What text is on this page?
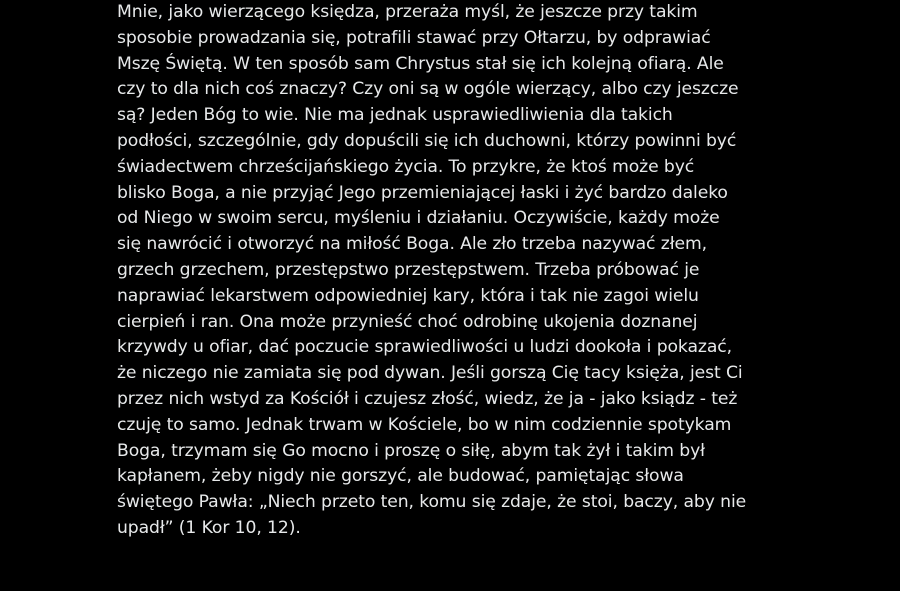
Mnie, jako wierzącego księdza, przeraża myśl, że jeszcze przy takim
sposobie prowadzania się, potrafili stawać przy Ołtarzu, by odprawiać
Mszę Świętą. W ten sposób sam Chrystus stał się ich kolejną ofiarą. Ale
czy to dla nich coś znaczy? Czy oni są w ogóle wierzący, albo czy jeszcze
są? Jeden Bóg to wie. Nie ma jednak usprawiedliwienia dla takich
podłości, szczególnie, gdy dopuścili się ich duchowni, którzy powinni być
świadectwem chrześcijańskiego życia. To przykre, że ktoś może być
blisko Boga, a nie przyjąć Jego przemieniającej łaski i żyć bardzo daleko
od Niego w swoim sercu, myśleniu i działaniu. Oczywiście, każdy może
się nawrócić i otworzyć na miłość Boga. Ale zło trzeba nazywać złem,
grzech grzechem, przestępstwo przestępstwem. Trzeba próbować je
naprawiać lekarstwem odpowiedniej kary, która i tak nie zagoi wielu
cierpień i ran. Ona może przynieść choć odrobinę ukojenia doznanej
krzywdy u ofiar, dać poczucie sprawiedliwości u ludzi dookoła i pokazać,
że niczego nie zamiata się pod dywan. Jeśli gorszą Cię tacy księża, jest Ci
przez nich wstyd za Kościół i czujesz złość, wiedz, że ja - jako ksiądz - też
czuję to samo. Jednak trwam w Kościele, bo w nim codziennie spotykam
Boga, trzymam się Go mocno i proszę o siłę, abym tak żył i takim był
kapłanem, żeby nigdy nie gorszyć, ale budować, pamiętając słowa
świętego Pawła: „Niech przeto ten, komu się zdaje, że stoi, baczy, aby nie
upadł” (1 Kor 10, 12).
